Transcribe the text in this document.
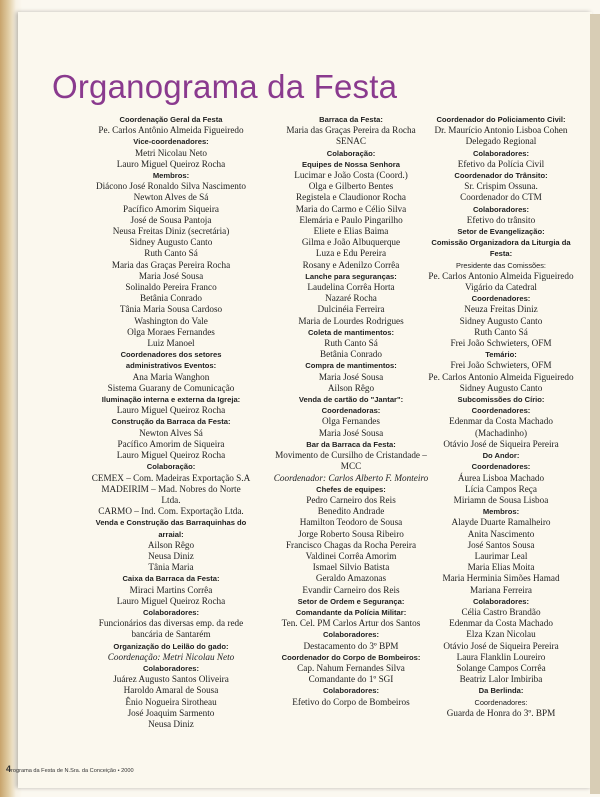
Organograma da Festa
Coordenação Geral da Festa
Pe. Carlos Antônio Almeida Figueiredo
Vice-coordenadores:
Metri Nicolau Neto
Lauro Miguel Queiroz Rocha
Membros:
Diácono José Ronaldo Silva Nascimento
Newton Alves de Sá
Pacífico Amorim Siqueira
José de Sousa Pantoja
Neusa Freitas Diniz (secretária)
Sidney Augusto Canto
Ruth Canto Sá
Maria das Graças Pereira Rocha
Maria José Sousa
Solinaldo Pereira Franco
Betânia Conrado
Tânia Maria Sousa Cardoso
Washington do Vale
Olga Moraes Fernandes
Luiz Manoel
Coordenadores dos setores
administrativos Eventos:
Ana Maria Wanghon
Sistema Guarany de Comunicação
Iluminação interna e externa da Igreja:
Lauro Miguel Queiroz Rocha
Construção da Barraca da Festa:
Newton Alves Sá
Pacífico Amorim de Siqueira
Lauro Miguel Queiroz Rocha
Colaboração:
CEMEX – Com. Madeiras Exportação S.A
MADEIRIM – Mad. Nobres do Norte
Ltda.
CARMO – Ind. Com. Exportação Ltda.
Venda e Construção das Barraquinhas do
arraial:
Ailson Rêgo
Neusa Diniz
Tânia Maria
Caixa da Barraca da Festa:
Miraci Martins Corrêa
Lauro Miguel Queiroz Rocha
Colaboradores:
Funcionários das diversas emp. da rede
bancária de Santarém
Organização do Leilão do gado:
Coordenação: Metri Nicolau Neto
Colaboradores:
Juárez Augusto Santos Oliveira
Haroldo Amaral de Sousa
Ênio Nogueira Sirotheau
José Joaquim Sarmento
Neusa Diniz
Barraca da Festa:
Maria das Graças Pereira da Rocha
SENAC
Colaboração:
Equipes de Nossa Senhora
Lucimar e João Costa (Coord.)
Olga e Gilberto Bentes
Registela e Claudionor Rocha
Maria do Carmo e Célio Silva
Elemária e Paulo Pingarilho
Eliete e Elias Baima
Gilma e João Albuquerque
Luza e Edu Pereira
Rosany e Adenilzo Corrêa
Lanche para seguranças:
Laudelina Corrêa Horta
Nazaré Rocha
Dulcinéia Ferreira
Maria de Lourdes Rodrigues
Coleta de mantimentos:
Ruth Canto Sá
Betânia Conrado
Compra de mantimentos:
Maria José Sousa
Ailson Rêgo
Venda de cartão do "Jantar":
Coordenadoras:
Olga Fernandes
Maria José Sousa
Bar da Barraca da Festa:
Movimento de Cursilho de Cristandade –
MCC
Coordenador: Carlos Alberto F. Monteiro
Chefes de equipes:
Pedro Carneiro dos Reis
Benedito Andrade
Hamilton Teodoro de Sousa
Jorge Roberto Sousa Ribeiro
Francisco Chagas da Rocha Pereira
Valdinei Corrêa Amorim
Ismael Silvio Batista
Geraldo Amazonas
Evandir Carneiro dos Reis
Setor de Ordem e Segurança:
Comandante da Polícia Militar:
Ten. Cel. PM Carlos Artur dos Santos
Colaboradores:
Destacamento do 3º BPM
Coordenador do Corpo de Bombeiros:
Cap. Nahum Fernandes Silva
Comandante do 1º SGI
Colaboradores:
Efetivo do Corpo de Bombeiros
Coordenador do Policiamento Civil:
Dr. Maurício Antonio Lisboa Cohen
Delegado Regional
Colaboradores:
Efetivo da Polícia Civil
Coordenador do Trânsito:
Sr. Crispim Ossuna.
Coordenador do CTM
Colaboradores:
Efetivo do trânsito
Setor de Evangelização:
Comissão Organizadora da Liturgia da
Festa:
Presidente das Comissões:
Pe. Carlos Antonio Almeida Figueiredo
Vigário da Catedral
Coordenadores:
Neuza Freitas Diniz
Sidney Augusto Canto
Ruth Canto Sá
Frei João Schwieters, OFM
Temário:
Frei João Schwieters, OFM
Pe. Carlos Antonio Almeida Figueiredo
Sidney Augusto Canto
Subcomissões do Círio:
Coordenadores:
Edenmar da Costa Machado
(Machadinho)
Otávio José de Siqueira Pereira
Do Andor:
Coordenadores:
Áurea Lisboa Machado
Lícia Campos Reça
Miriamn de Sousa Lisboa
Membros:
Alayde Duarte Ramalheiro
Anita Nascimento
José Santos Sousa
Laurimar Leal
Maria Elias Moita
Maria Herminia Simões Hamad
Mariana Ferreira
Colaboradores:
Célia Castro Brandão
Edenmar da Costa Machado
Elza Kzan Nicolau
Otávio José de Siqueira Pereira
Laura Flanklin Loureiro
Solange Campos Corrêa
Beatriz Lalor Imbiriba
Da Berlinda:
Coordenadores:
Guarda de Honra do 3º. BPM
4rograma da Festa de N.Sra. da Conceição • 2000
